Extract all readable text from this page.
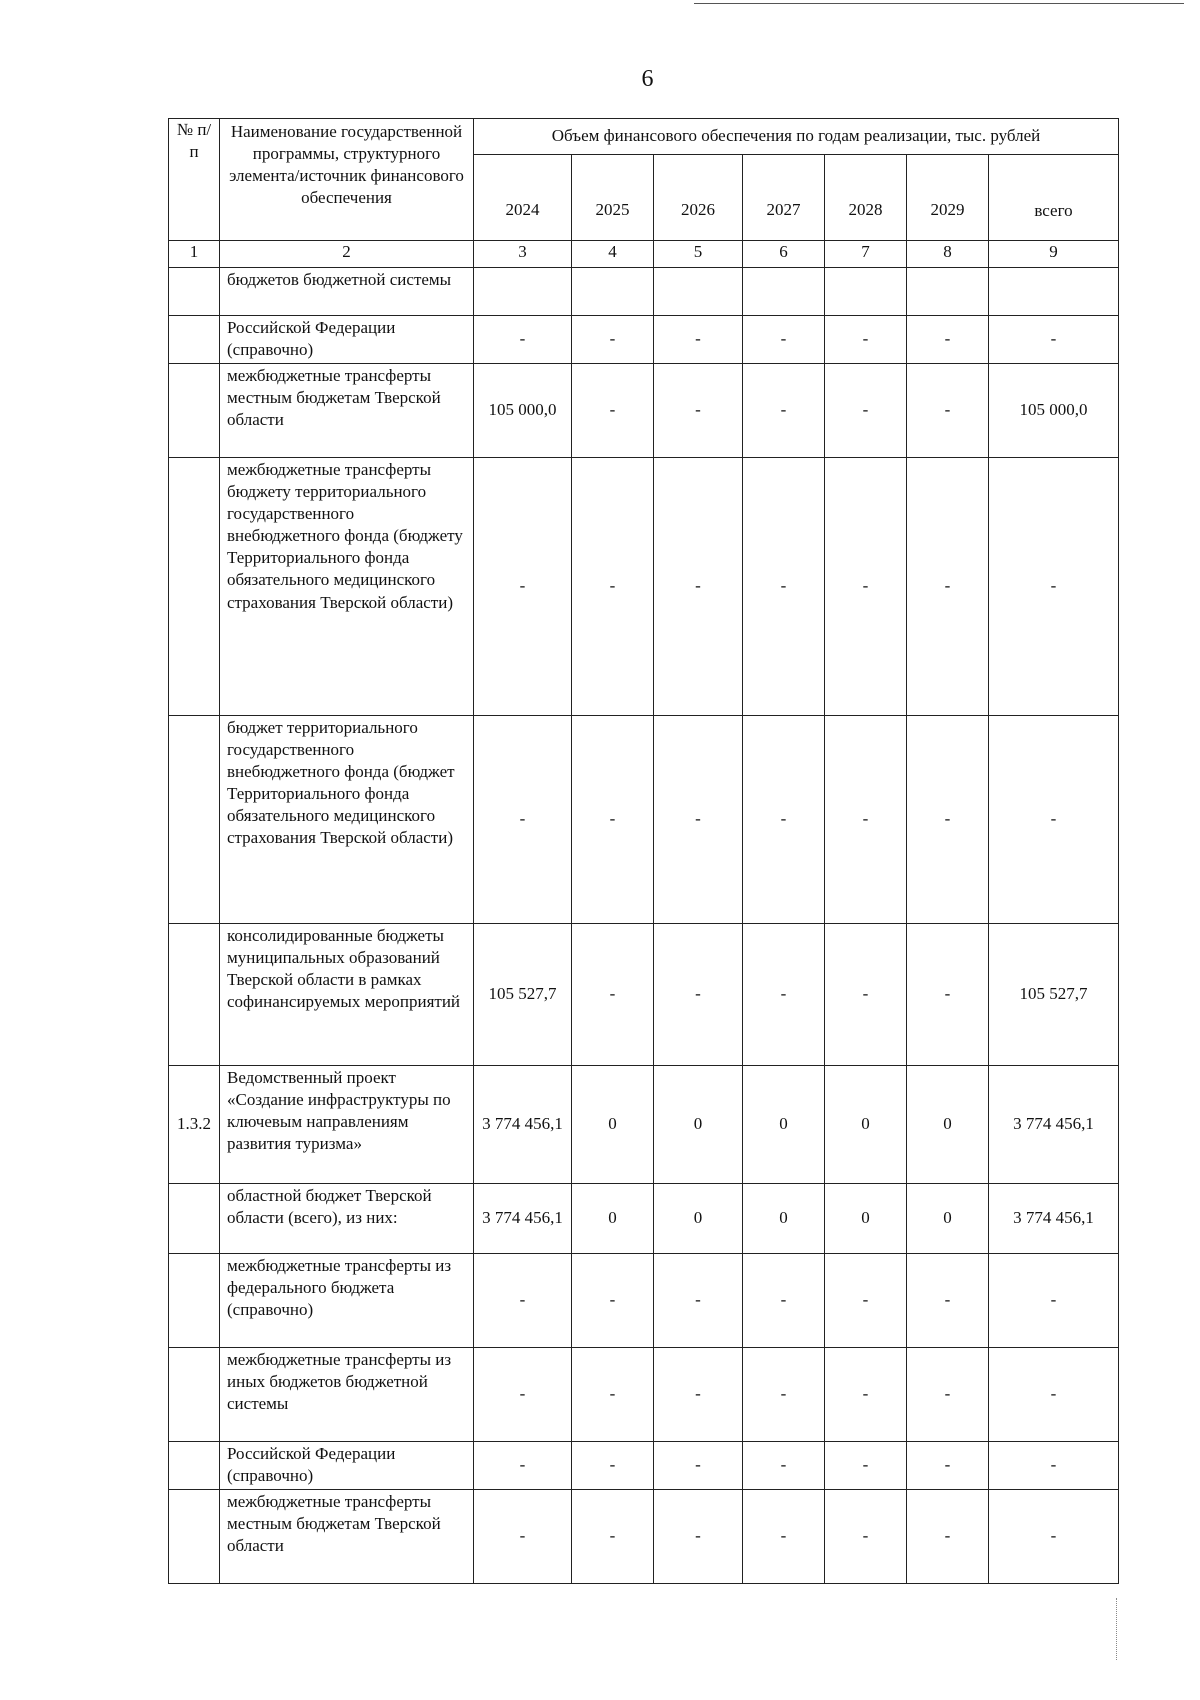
6
№ п/п	Наименование государственной программы, структурного элемента/источник финансового обеспечения	Объем финансового обеспечения по годам реализации, тыс. рублей						
		2024	2025	2026	2027	2028	2029	всего
1	2	3	4	5	6	7	8	9
	бюджетов бюджетной системы							
	Российской Федерации (справочно)	-	-	-	-	-	-	-
	межбюджетные трансферты местным бюджетам Тверской области	105 000,0	-	-	-	-	-	105 000,0
	межбюджетные трансферты бюджету территориального государственного внебюджетного фонда (бюджету Территориального фонда обязательного медицинского страхования Тверской области)	-	-	-	-	-	-	-
	бюджет территориального государственного внебюджетного фонда (бюджет Территориального фонда обязательного медицинского страхования Тверской области)	-	-	-	-	-	-	-
	консолидированные бюджеты муниципальных образований Тверской области в рамках софинансируемых мероприятий	105 527,7	-	-	-	-	-	105 527,7
1.3.2	Ведомственный проект «Создание инфраструктуры по ключевым направлениям развития туризма»	3 774 456,1	0	0	0	0	0	3 774 456,1
	областной бюджет Тверской области (всего), из них:	3 774 456,1	0	0	0	0	0	3 774 456,1
	межбюджетные трансферты из федерального бюджета (справочно)	-	-	-	-	-	-	-
	межбюджетные трансферты из иных бюджетов бюджетной системы	-	-	-	-	-	-	-
	Российской Федерации (справочно)	-	-	-	-	-	-	-
	межбюджетные трансферты местным бюджетам Тверской области	-	-	-	-	-	-	-
